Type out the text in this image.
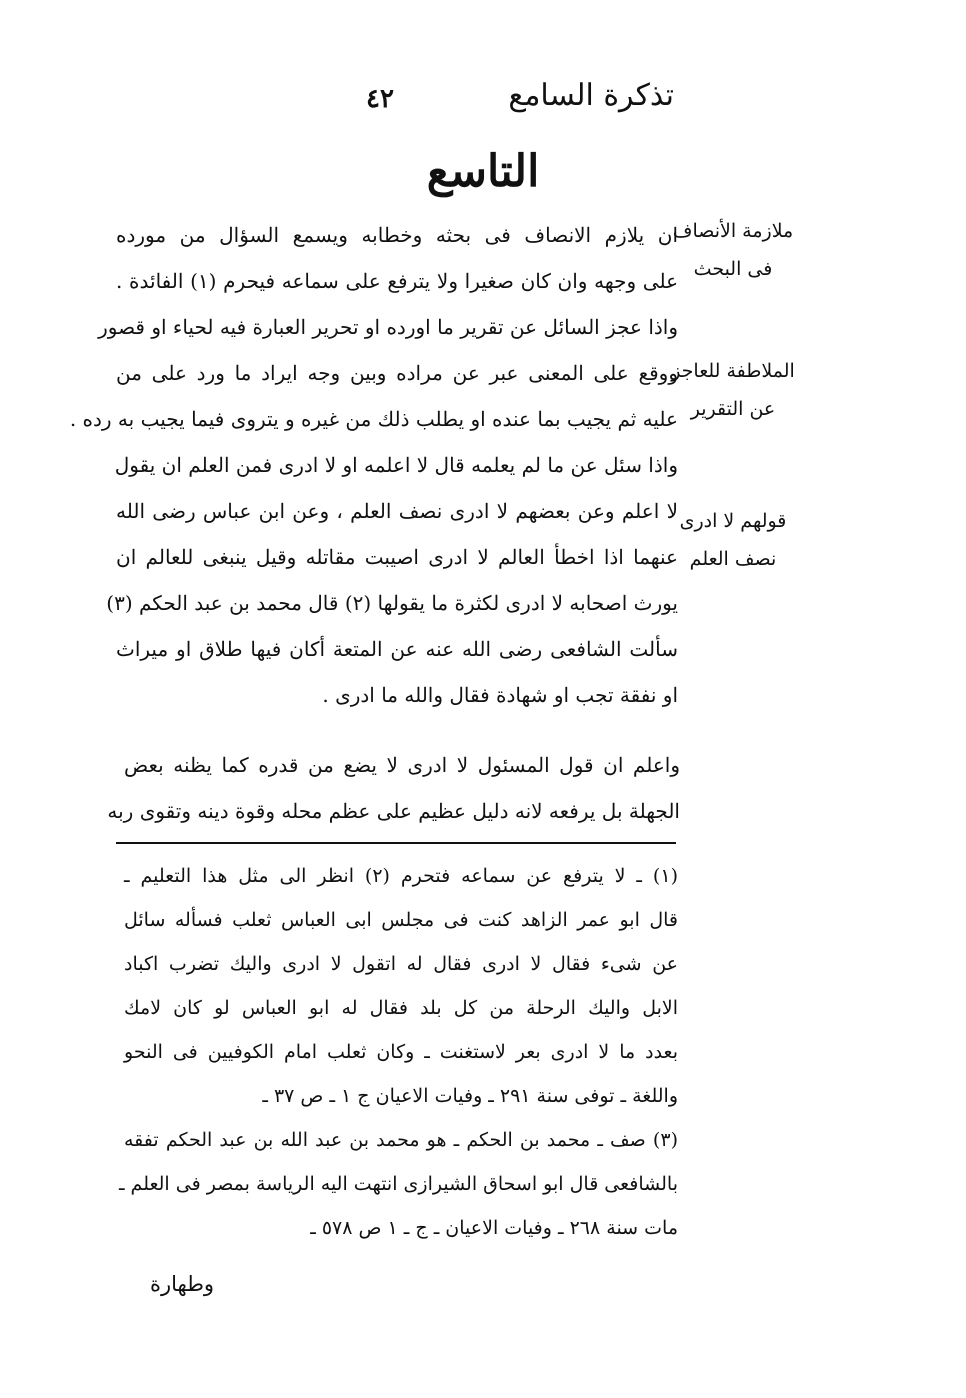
تذكرة السامع
٤٢
التاسع
ملازمة الأنصاف
فى البحث
الملاطفة للعاجز
عن التقرير
قولهم لا ادرى
نصف العلم
ان يلازم الانصاف فى بحثه وخطابه ويسمع السؤال من مورده
على وجهه وان كان صغيرا ولا يترفع على سماعه فيحرم (١) الفائدة .
واذا عجز السائل عن تقرير ما اورده او تحرير العبارة فيه لحياء او قصور
ووقع على المعنى عبر عن مراده وبين وجه ايراد ما ورد على من
عليه ثم يجيب بما عنده او يطلب ذلك من غيره و يتروى فيما يجيب به رده .
واذا سئل عن ما لم يعلمه قال لا اعلمه او لا ادرى فمن العلم ان يقول
لا اعلم وعن بعضهم لا ادرى نصف العلم ، وعن ابن عباس رضى الله
عنهما اذا اخطأ العالم لا ادرى اصيبت مقاتله وقيل ينبغى للعالم ان
يورث اصحابه لا ادرى لكثرة ما يقولها (٢) قال محمد بن عبد الحكم (٣)
سألت الشافعى رضى الله عنه عن المتعة أكان فيها طلاق او ميراث
او نفقة تجب او شهادة فقال والله ما ادرى .
واعلم ان قول المسئول لا ادرى لا يضع من قدره كما يظنه بعض
الجهلة بل يرفعه لانه دليل عظيم على عظم محله وقوة دينه وتقوى ربه
(١) ـ لا يترفع عن سماعه فتحرم (٢) انظر الى مثل هذا التعليم ـ
قال ابو عمر الزاهد كنت فى مجلس ابى العباس ثعلب فسأله سائل
عن شىء فقال لا ادرى فقال له اتقول لا ادرى واليك تضرب اكباد
الابل واليك الرحلة من كل بلد فقال له ابو العباس لو كان لامك
بعدد ما لا ادرى بعر لاستغنت ـ وكان ثعلب امام الكوفيين فى النحو
واللغة ـ توفى سنة ٢٩١ ـ وفيات الاعيان ج ١ ـ ص ٣٧ ـ
(٣) صف ـ محمد بن الحكم ـ هو محمد بن عبد الله بن عبد الحكم تفقه
بالشافعى قال ابو اسحاق الشيرازى انتهت اليه الرياسة بمصر فى العلم ـ
مات سنة ٢٦٨ ـ وفيات الاعيان ـ ج ـ ١ ص ٥٧٨ ـ
وطهارة
